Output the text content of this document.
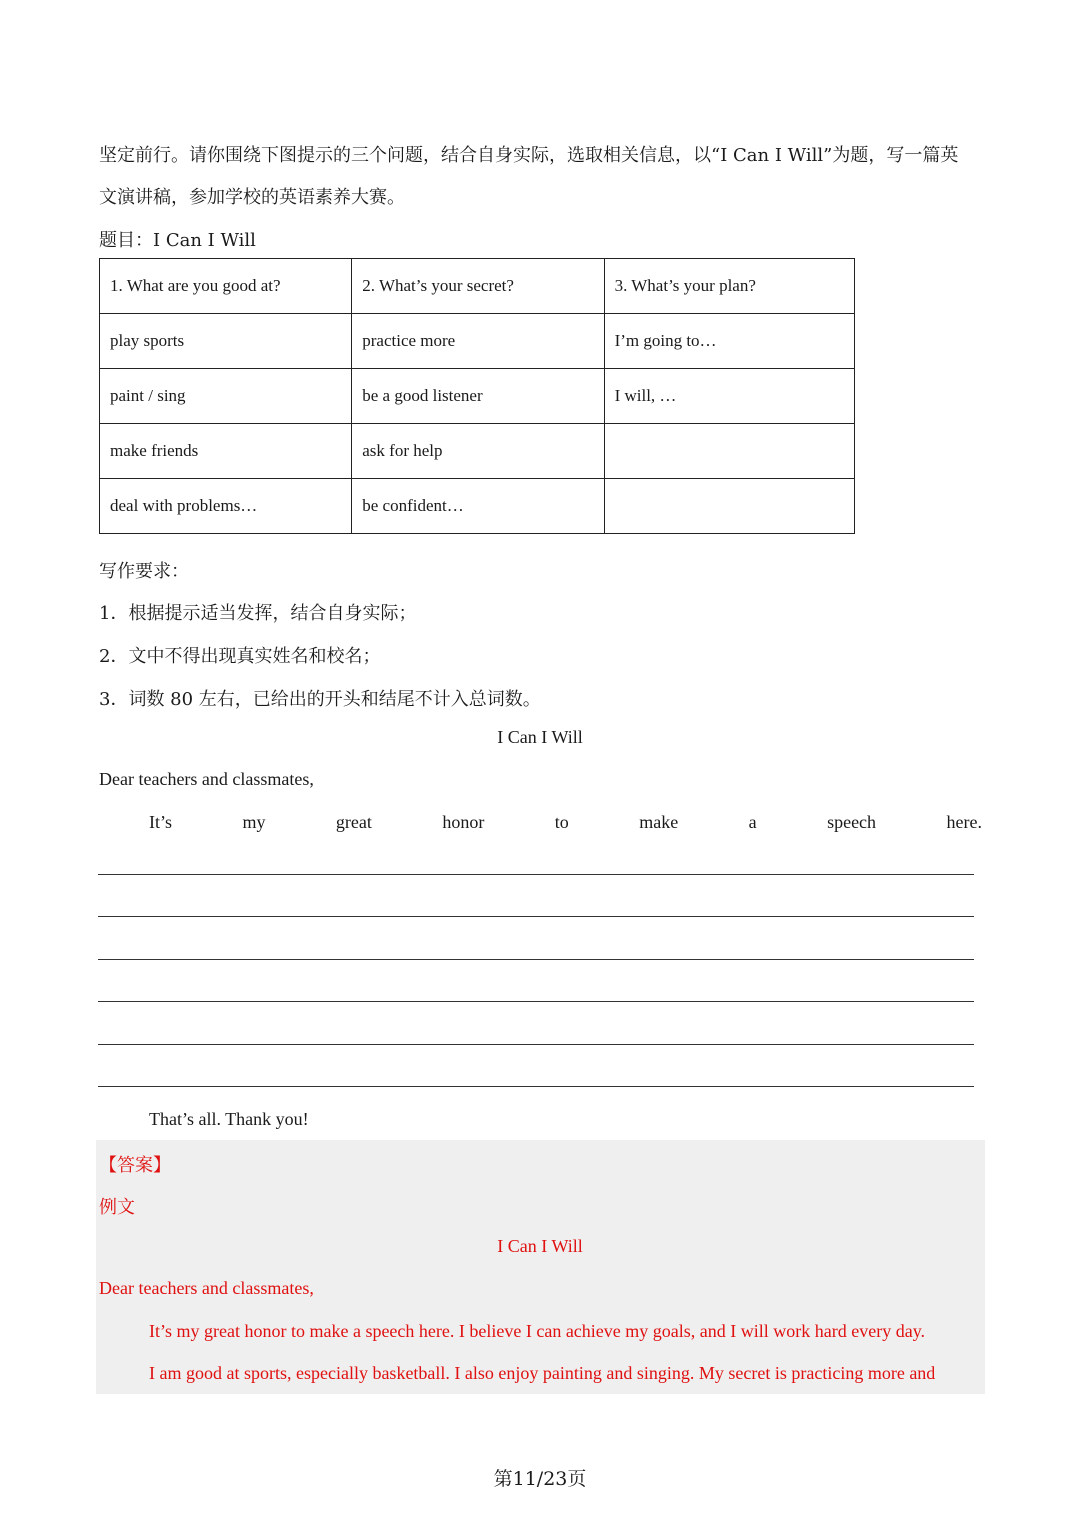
坚定前行。请你围绕下图提示的三个问题，结合自身实际，选取相关信息，以“I Can I Will”为题，写一篇英
文演讲稿，参加学校的英语素养大赛。
题目：I Can I Will
1. What are you good at?	2. What’s your secret?	3. What’s your plan?
play sports	practice more	I’m going to…
paint / sing	be a good listener	I will, …
make friends	ask for help	
deal with problems…	be confident…	
写作要求：
1．根据提示适当发挥，结合自身实际；
2．文中不得出现真实姓名和校名；
3．词数 80 左右，已给出的开头和结尾不计入总词数。
I Can I Will
Dear teachers and classmates,
It’s	my	great	honor	to	make	a	speech	here.
That’s all. Thank you!
【答案】
例文
I Can I Will
Dear teachers and classmates,
It’s my great honor to make a speech here. I believe I can achieve my goals, and I will work hard every day.
I am good at sports, especially basketball. I also enjoy painting and singing. My secret is practicing more and
第11/23页
